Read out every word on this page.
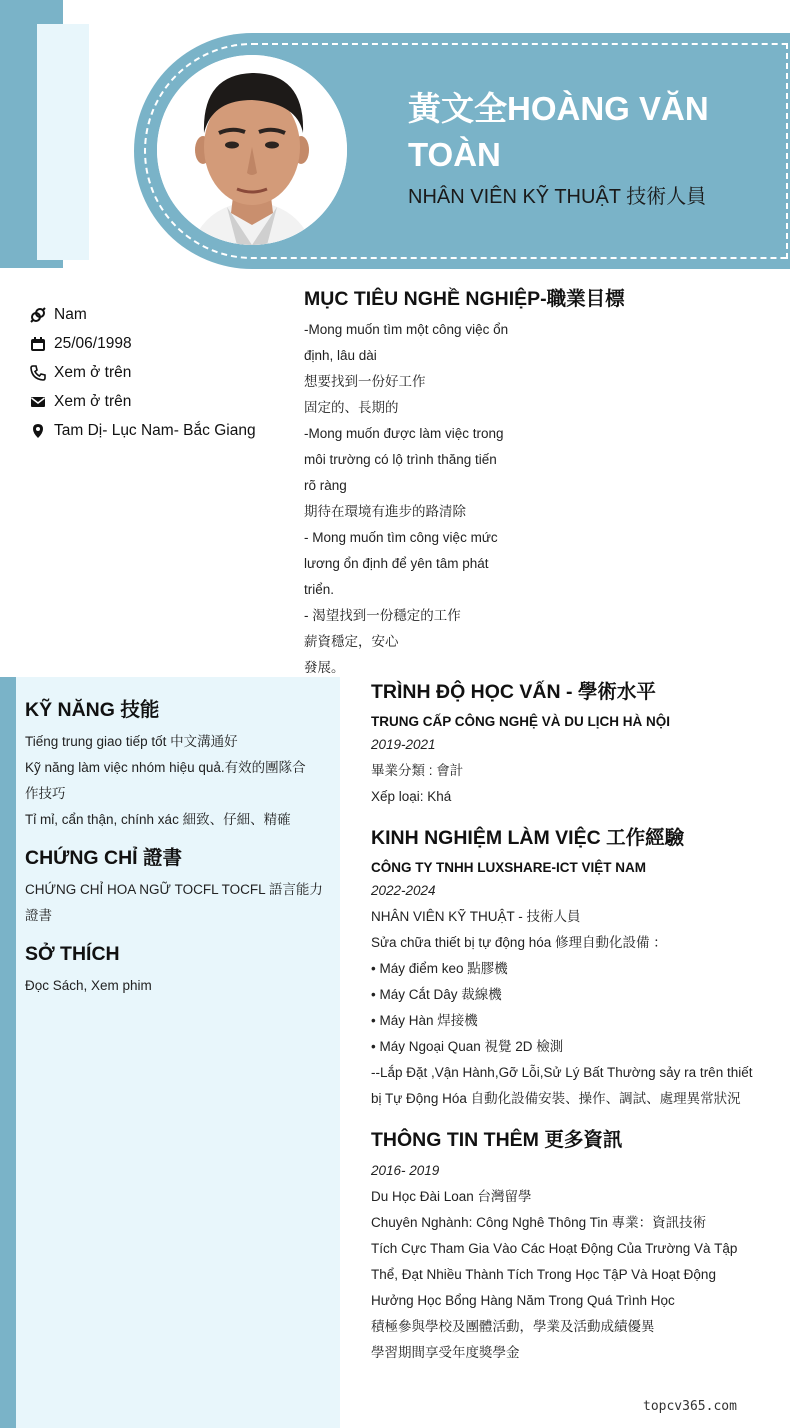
黃文全HOÀNG VĂN TOÀN
NHÂN VIÊN KỸ THUẬT 技術人員
Nam
25/06/1998
Xem ở trên
Xem ở trên
Tam Dị- Lục Nam- Bắc Giang
MỤC TIÊU NGHỀ NGHIỆP-職業目標
-Mong muốn tìm một công việc ổn
định, lâu dài
想要找到一份好工作
固定的、長期的
-Mong muốn được làm việc trong
môi trường có lộ trình thăng tiến
rõ ràng
期待在環境有進步的路清除
- Mong muốn tìm công việc mức
lương ổn định để yên tâm phát
triển.
- 渴望找到一份穩定的工作
薪資穩定，安心
發展。
KỸ NĂNG 技能
Tiếng trung giao tiếp tốt 中文溝通好
Kỹ năng làm việc nhóm hiệu quả.有效的團隊合
作技巧
Tỉ mỉ, cẩn thận, chính xác 細致、仔細、精確
CHỨNG CHỈ 證書
CHỨNG CHỈ HOA NGỮ TOCFL TOCFL 語言能力
證書
SỞ THÍCH
Đọc Sách, Xem phim
TRÌNH ĐỘ HỌC VẤN - 學術水平
TRUNG CẤP CÔNG NGHỆ VÀ DU LỊCH HÀ NỘI
2019-2021
畢業分類 : 會計
Xếp loại: Khá
KINH NGHIỆM LÀM VIỆC 工作經驗
CÔNG TY TNHH LUXSHARE-ICT VIỆT NAM
2022-2024
NHÂN VIÊN KỸ THUẬT - 技術人員
Sửa chữa thiết bị tự động hóa 修理自動化設備 ：
• Máy điểm keo 點膠機
• Máy Cắt Dây 裁線機
• Máy Hàn 焊接機
• Máy Ngoại Quan 視覺 2D 檢測
--Lắp Đặt ,Vận Hành,Gỡ Lỗi,Sử Lý Bất Thường sảy ra trên thiết
bị Tự Động Hóa 自動化設備安裝、操作、調試、處理異常狀況
THÔNG TIN THÊM 更多資訊
2016- 2019
Du Học Đài Loan 台灣留學
Chuyên Nghành: Công Nghê Thông Tin 專業：資訊技術
Tích Cực Tham Gia Vào Các Hoạt Động Của Trường Và Tập
Thể, Đạt Nhiều Thành Tích Trong Học TậP Và Hoạt Động
Hưởng Học Bổng Hàng Năm Trong Quá Trình Học
積極參與學校及團體活動，學業及活動成績優異
學習期間享受年度獎學金
topcv365.com
